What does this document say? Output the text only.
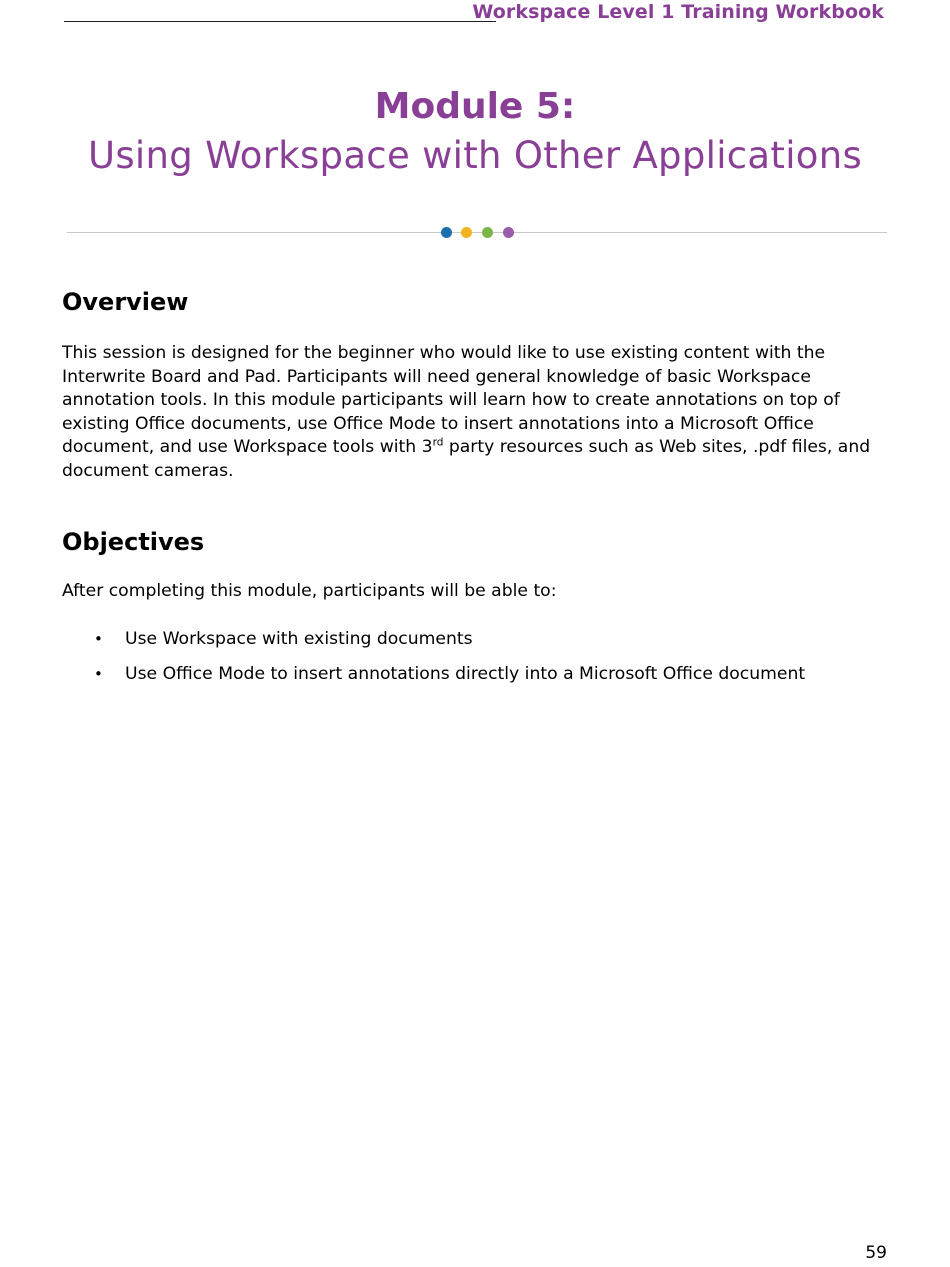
Workspace Level 1 Training Workbook
Module 5:
Using Workspace with Other Applications
Overview
This session is designed for the beginner who would like to use existing content with the Interwrite Board and Pad. Participants will need general knowledge of basic Workspace annotation tools. In this module participants will learn how to create annotations on top of existing Office documents, use Office Mode to insert annotations into a Microsoft Office document, and use Workspace tools with 3rd party resources such as Web sites, .pdf files, and document cameras.
Objectives
After completing this module, participants will be able to:
• Use Workspace with existing documents
• Use Office Mode to insert annotations directly into a Microsoft Office document
59
